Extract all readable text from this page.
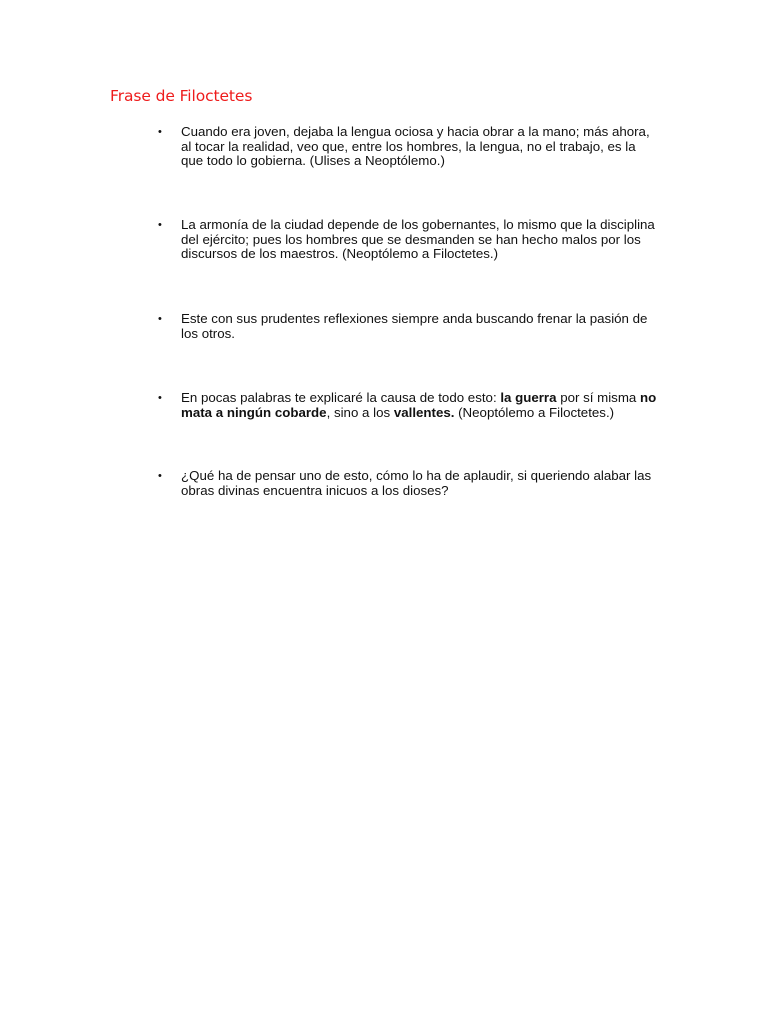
Frase de Filoctetes
• Cuando era joven, dejaba la lengua ociosa y hacia obrar a la mano; más ahora, al tocar la realidad, veo que, entre los hombres, la lengua, no el trabajo, es la que todo lo gobierna. (Ulises a Neoptólemo.)
• La armonía de la ciudad depende de los gobernantes, lo mismo que la disciplina del ejército; pues los hombres que se desmanden se han hecho malos por los discursos de los maestros. (Neoptólemo a Filoctetes.)
• Este con sus prudentes reflexiones siempre anda buscando frenar la pasión de los otros.
• En pocas palabras te explicaré la causa de todo esto: la guerra por sí misma no mata a ningún cobarde, sino a los vallentes. (Neoptólemo a Filoctetes.)
• ¿Qué ha de pensar uno de esto, cómo lo ha de aplaudir, si queriendo alabar las obras divinas encuentra inicuos a los dioses?
